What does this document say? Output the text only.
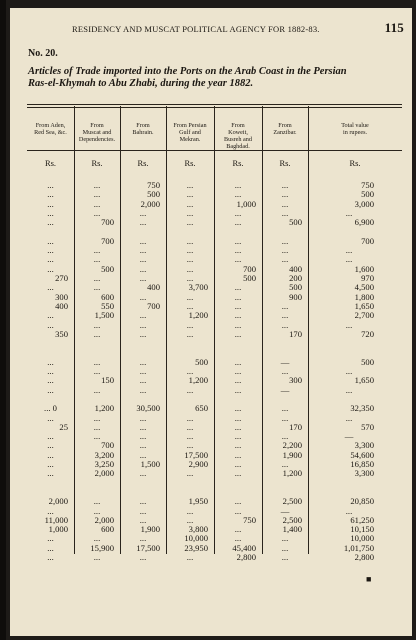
RESIDENCY AND MUSCAT POLITICAL AGENCY FOR 1882-83.	115
No. 20.
Articles of Trade imported into the Ports on the Arab Coast in the Persian
Ras-el-Khymah to Abu Zhabi, during the year 1882.
From Aden,
Red Sea, &c.
Rs.
From
Muscat and
Dependencies.
Rs.
From
Bahrain.
Rs.
From Persian
Gulf and
Mekran.
Rs.
From
Koweit,
Busreh and Baghdad.
Rs.
From
Zanzibar.
Rs.
Total value
in rupees.
Rs.
...	...	750	...	...	...	750
...	...	500	...	...	...	500
...	...	2,000	...	1,000	...	3,000
...	...	...	...	...	...	...
...	700	...	...	...	500	6,900
...	700	...	...	...	...	700
...	...	...	...	...	...	...
...	...	...	...	...	...	...
...	500	...	...	700	400	1,600
270	...	...	...	500	200	970
...	...	400	3,700	...	500	4,500
300	600	...	...	...	900	1,800
400	550	700	...	...	...	1,650
...	1,500	...	1,200	...	...	2,700
...	...	...	...	...	...	...
350	...	...	...	...	170	720
...	...	...	500	...	—	500
...	...	...	...	...	...	...
...	150	...	1,200	...	300	1,650
...	...	...	...	...	—	...
... 0	1,200	30,500	650	...	...	32,350
...	...	...	...	...	...	...
25	...	...	...	...	170	570
...	...	...	...	...	...	—
...	700	...	...	...	2,200	3,300
...	3,200	...	17,500	...	1,900	54,600
...	3,250	1,500	2,900	...	...	16,850
...	2,000	...	...	...	1,200	3,300
2,000	...	...	1,950	...	2,500	20,850
...	...	...	...	...	—	...
11,000	2,000	...	...	750	2,500	61,250
1,000	600	1,900	3,800	...	1,400	10,150
...	...	...	10,000	...	...	10,000
...	15,900	17,500	23,950	45,400	...	1,01,750
...	...	...	...	2,800	...	2,800
■
